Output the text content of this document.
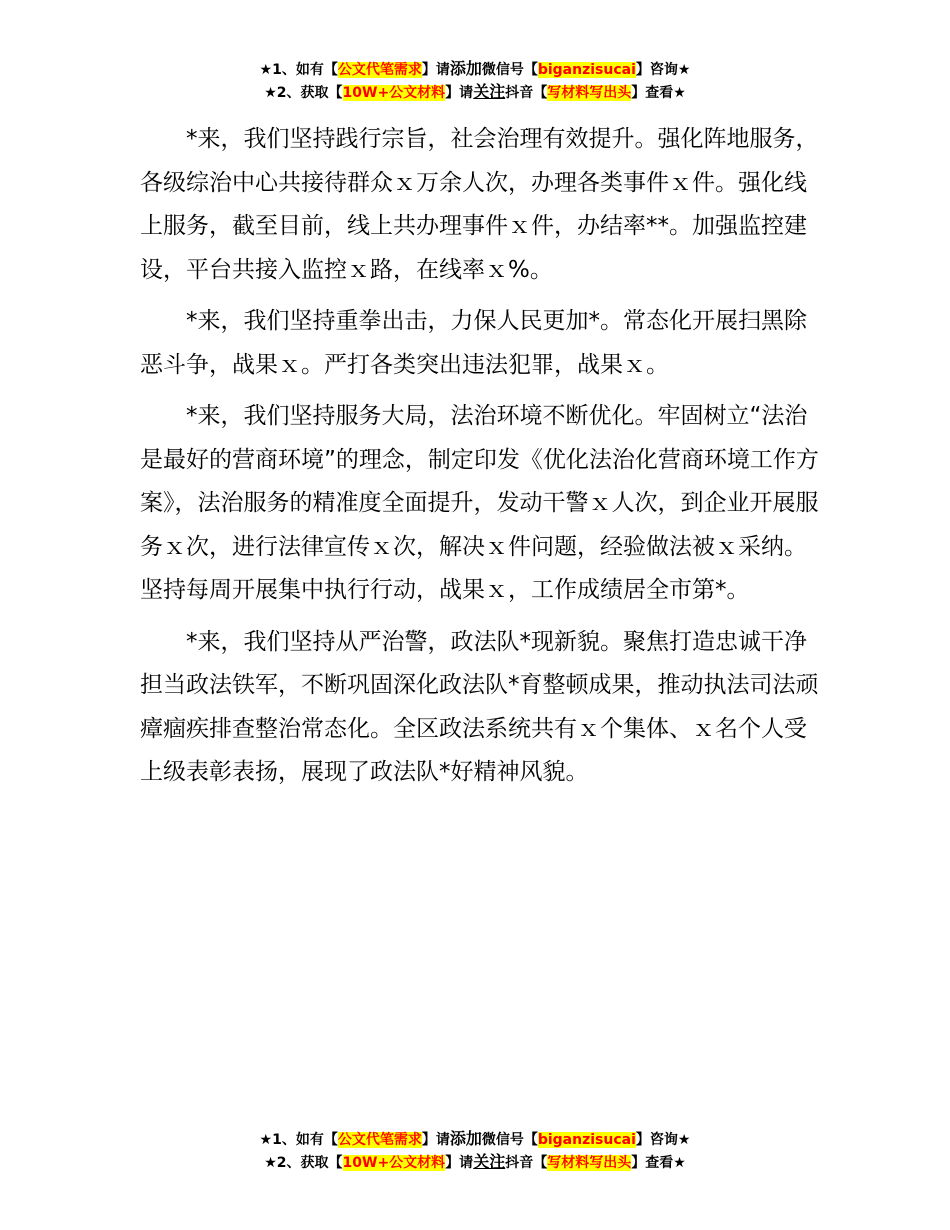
★1、如有【公文代笔需求】请添加微信号【biganzisucai】咨询★
★2、获取【10W+公文材料】请关注抖音【写材料写出头】查看★

*来，我们坚持践行宗旨，社会治理有效提升。强化阵地服务，各级综治中心共接待群众ｘ万余人次，办理各类事件ｘ件。强化线上服务，截至目前，线上共办理事件ｘ件，办结率**。加强监控建设，平台共接入监控ｘ路，在线率ｘ%。

*来，我们坚持重拳出击，力保人民更加*。常态化开展扫黑除恶斗争，战果ｘ。严打各类突出违法犯罪，战果ｘ。

*来，我们坚持服务大局，法治环境不断优化。牢固树立“法治是最好的营商环境”的理念，制定印发《优化法治化营商环境工作方案》，法治服务的精准度全面提升，发动干警ｘ人次，到企业开展服务ｘ次，进行法律宣传ｘ次，解决ｘ件问题，经验做法被ｘ采纳。坚持每周开展集中执行行动，战果ｘ，工作成绩居全市第*。

*来，我们坚持从严治警，政法队*现新貌。聚焦打造忠诚干净担当政法铁军，不断巩固深化政法队*育整顿成果，推动执法司法顽瘴痼疾排查整治常态化。全区政法系统共有ｘ个集体、ｘ名个人受上级表彰表扬，展现了政法队*好精神风貌。

★1、如有【公文代笔需求】请添加微信号【biganzisucai】咨询★
★2、获取【10W+公文材料】请关注抖音【写材料写出头】查看★
